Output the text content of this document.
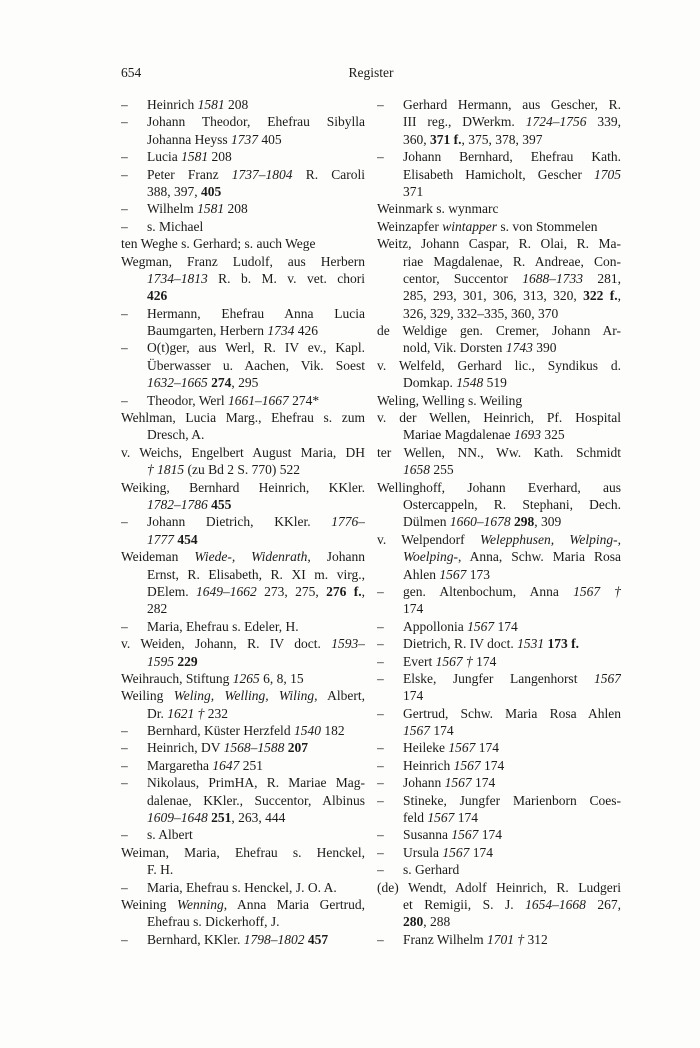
654	Register
– Heinrich 1581 208
– Johann Theodor, Ehefrau Sibylla
Johanna Heyss 1737 405
– Lucia 1581 208
– Peter Franz 1737–1804 R. Caroli
388, 397, 405
– Wilhelm 1581 208
– s. Michael
ten Weghe s. Gerhard; s. auch Wege
Wegman, Franz Ludolf, aus Herbern
1734–1813 R. b. M. v. vet. chori
426
– Hermann, Ehefrau Anna Lucia
Baumgarten, Herbern 1734 426
– O(t)ger, aus Werl, R. IV ev., Kapl.
Überwasser u. Aachen, Vik. Soest
1632–1665 274, 295
– Theodor, Werl 1661–1667 274*
Wehlman, Lucia Marg., Ehefrau s. zum
Dresch, A.
v. Weichs, Engelbert August Maria, DH
† 1815 (zu Bd 2 S. 770) 522
Weiking, Bernhard Heinrich, KKler.
1782–1786 455
– Johann Dietrich, KKler. 1776–
1777 454
Weideman Wiede-, Widenrath, Johann
Ernst, R. Elisabeth, R. XI m. virg.,
DElem. 1649–1662 273, 275, 276 f.,
282
– Maria, Ehefrau s. Edeler, H.
v. Weiden, Johann, R. IV doct. 1593–
1595 229
Weihrauch, Stiftung 1265 6, 8, 15
Weiling Weling, Welling, Wiling, Albert,
Dr. 1621 † 232
– Bernhard, Küster Herzfeld 1540 182
– Heinrich, DV 1568–1588 207
– Margaretha 1647 251
– Nikolaus, PrimHA, R. Mariae Mag-
dalenae, KKler., Succentor, Albinus
1609–1648 251, 263, 444
– s. Albert
Weiman, Maria, Ehefrau s. Henckel,
F. H.
– Maria, Ehefrau s. Henckel, J. O. A.
Weining Wenning, Anna Maria Gertrud,
Ehefrau s. Dickerhoff, J.
– Bernhard, KKler. 1798–1802 457
– Gerhard Hermann, aus Gescher, R.
III reg., DWerkm. 1724–1756 339,
360, 371 f., 375, 378, 397
– Johann Bernhard, Ehefrau Kath.
Elisabeth Hamicholt, Gescher 1705
371
Weinmark s. wynmarc
Weinzapfer wintapper s. von Stommelen
Weitz, Johann Caspar, R. Olai, R. Ma-
riae Magdalenae, R. Andreae, Con-
centor, Succentor 1688–1733 281,
285, 293, 301, 306, 313, 320, 322 f.,
326, 329, 332–335, 360, 370
de Weldige gen. Cremer, Johann Ar-
nold, Vik. Dorsten 1743 390
v. Welfeld, Gerhard lic., Syndikus d.
Domkap. 1548 519
Weling, Welling s. Weiling
v. der Wellen, Heinrich, Pf. Hospital
Mariae Magdalenae 1693 325
ter Wellen, NN., Ww. Kath. Schmidt
1658 255
Wellinghoff, Johann Everhard, aus
Ostercappeln, R. Stephani, Dech.
Dülmen 1660–1678 298, 309
v. Welpendorf Welepphusen, Welping-,
Woelping-, Anna, Schw. Maria Rosa
Ahlen 1567 173
– gen. Altenbochum, Anna 1567 †
174
– Appollonia 1567 174
– Dietrich, R. IV doct. 1531 173 f.
– Evert 1567 † 174
– Elske, Jungfer Langenhorst 1567
174
– Gertrud, Schw. Maria Rosa Ahlen
1567 174
– Heileke 1567 174
– Heinrich 1567 174
– Johann 1567 174
– Stineke, Jungfer Marienborn Coes-
feld 1567 174
– Susanna 1567 174
– Ursula 1567 174
– s. Gerhard
(de) Wendt, Adolf Heinrich, R. Ludgeri
et Remigii, S. J. 1654–1668 267,
280, 288
– Franz Wilhelm 1701 † 312
